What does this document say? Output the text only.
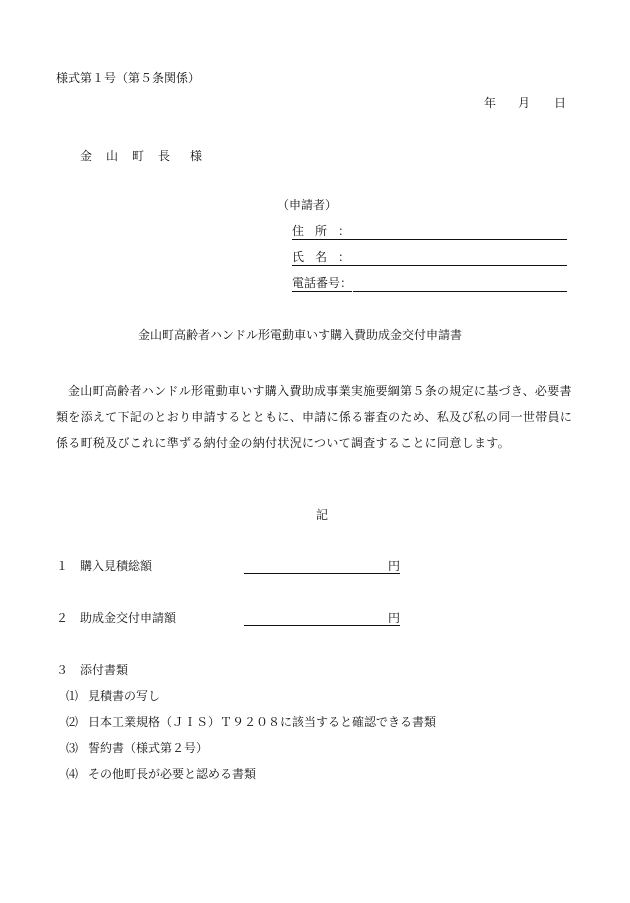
様式第１号（第５条関係）
年 月 日
金山町長 様
（申請者）
住所：
氏名：
電話番号：
金山町高齢者ハンドル形電動車いす購入費助成金交付申請書
金山町高齢者ハンドル形電動車いす購入費助成事業実施要綱第５条の規定に基づき、必要書類を添えて下記のとおり申請するとともに、申請に係る審査のため、私及び私の同一世帯員に係る町税及びこれに準ずる納付金の納付状況について調査することに同意します。
記
１ 購入見積総額	円
２ 助成金交付申請額	円
３ 添付書類
⑴ 見積書の写し
⑵ 日本工業規格（ＪＩＳ）Ｔ９２０８に該当すると確認できる書類
⑶ 誓約書（様式第２号）
⑷ その他町長が必要と認める書類
